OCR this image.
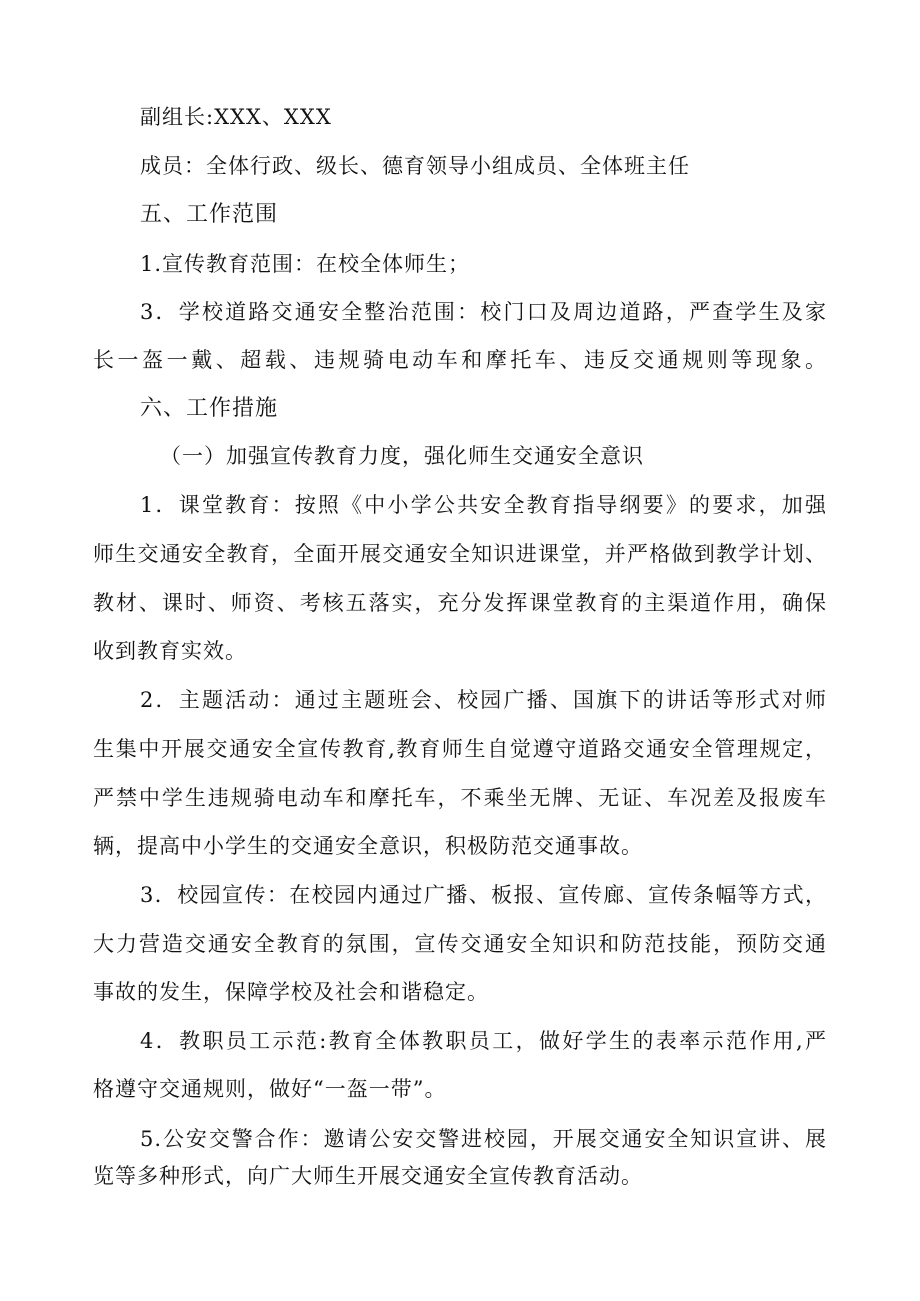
副组长:XXX、XXX
成员：全体行政、级长、德育领导小组成员、全体班主任
五、工作范围
1.宣传教育范围：在校全体师生；
3．学校道路交通安全整治范围：校门口及周边道路，严查学生及家
长一盔一戴、超载、违规骑电动车和摩托车、违反交通规则等现象。
六、工作措施
（一）加强宣传教育力度，强化师生交通安全意识
1．课堂教育：按照《中小学公共安全教育指导纲要》的要求，加强
师生交通安全教育，全面开展交通安全知识进课堂，并严格做到教学计划、
教材、课时、师资、考核五落实，充分发挥课堂教育的主渠道作用，确保
收到教育实效。
2．主题活动：通过主题班会、校园广播、国旗下的讲话等形式对师
生集中开展交通安全宣传教育,教育师生自觉遵守道路交通安全管理规定，
严禁中学生违规骑电动车和摩托车，不乘坐无牌、无证、车况差及报废车
辆，提高中小学生的交通安全意识，积极防范交通事故。
3．校园宣传：在校园内通过广播、板报、宣传廊、宣传条幅等方式，
大力营造交通安全教育的氛围，宣传交通安全知识和防范技能，预防交通
事故的发生，保障学校及社会和谐稳定。
4．教职员工示范:教育全体教职员工，做好学生的表率示范作用,严
格遵守交通规则，做好“一盔一带”。
5.公安交警合作：邀请公安交警进校园，开展交通安全知识宣讲、展
览等多种形式，向广大师生开展交通安全宣传教育活动。
